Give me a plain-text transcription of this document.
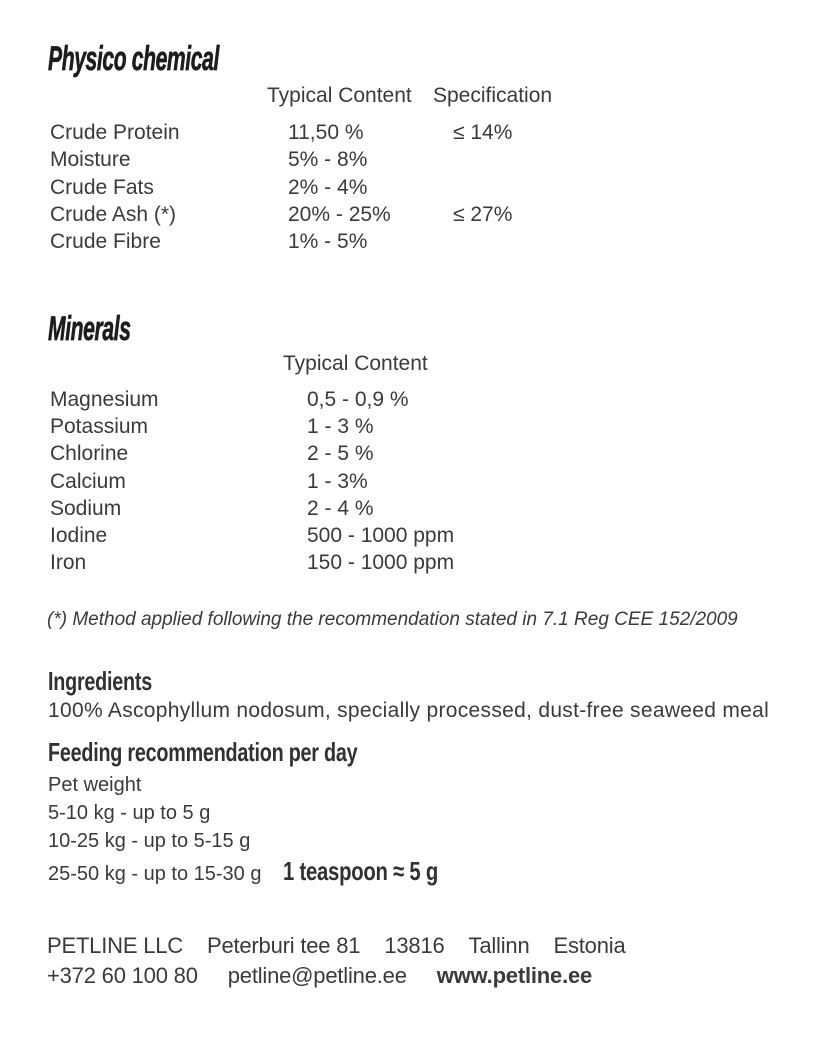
Physico chemical
Typical Content	Specification
Crude Protein	11,50 %	≤ 14%
Moisture	5% - 8%
Crude Fats	2% - 4%
Crude Ash (*)	20% - 25%	≤ 27%
Crude Fibre	1% - 5%
Minerals
Typical Content
Magnesium	0,5 - 0,9 %
Potassium	1 - 3 %
Chlorine	2 - 5 %
Calcium	1 - 3%
Sodium	2 - 4 %
Iodine	500 - 1000 ppm
Iron	150 - 1000 ppm
(*) Method applied following the recommendation stated in 7.1 Reg CEE 152/2009
Ingredients
100% Ascophyllum nodosum, specially processed, dust-free seaweed meal
Feeding recommendation per day
Pet weight
5-10 kg - up to 5 g
10-25 kg - up to 5-15 g
25-50 kg - up to 15-30 g 1 teaspoon ≈ 5 g
PETLINE LLC Peterburi tee 81 13816 Tallinn Estonia
+372 60 100 80 petline@petline.ee www.petline.ee
